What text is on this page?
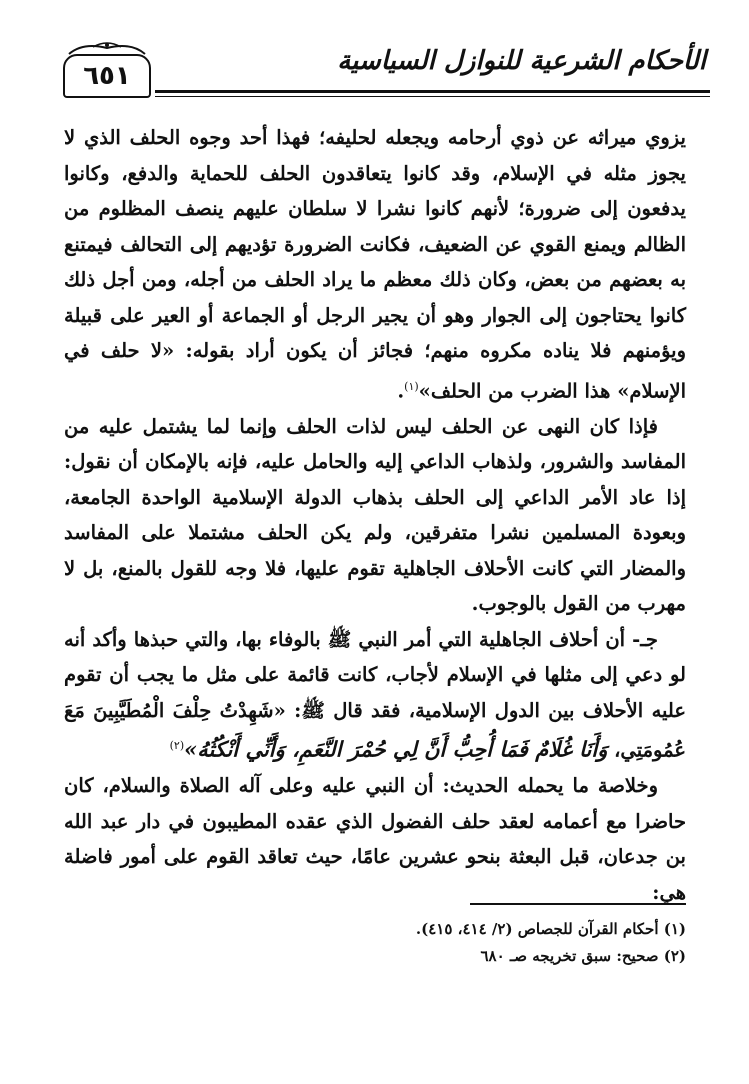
٦٥١	الأحكام الشرعية للنوازل السياسية

يزوي ميراثه عن ذوي أرحامه ويجعله لحليفه؛ فهذا أحد وجوه الحلف الذي لا يجوز مثله في الإسلام، وقد كانوا يتعاقدون الحلف للحماية والدفع، وكانوا يدفعون إلى ضرورة؛ لأنهم كانوا نشرا لا سلطان عليهم ينصف المظلوم من الظالم ويمنع القوي عن الضعيف، فكانت الضرورة تؤديهم إلى التحالف فيمتنع به بعضهم من بعض، وكان ذلك معظم ما يراد الحلف من أجله، ومن أجل ذلك كانوا يحتاجون إلى الجوار وهو أن يجير الرجل أو الجماعة أو العير على قبيلة ويؤمنهم فلا يناده مكروه منهم؛ فجائز أن يكون أراد بقوله: «لا حلف في الإسلام» هذا الضرب من الحلف»$^{(١)}$.

فإذا كان النهى عن الحلف ليس لذات الحلف وإنما لما يشتمل عليه من المفاسد والشرور، ولذهاب الداعي إليه والحامل عليه، فإنه بالإمكان أن نقول: إذا عاد الأمر الداعي إلى الحلف بذهاب الدولة الإسلامية الواحدة الجامعة، وبعودة المسلمين نشرا متفرقين، ولم يكن الحلف مشتملا على المفاسد والمضار التي كانت الأحلاف الجاهلية تقوم عليها، فلا وجه للقول بالمنع، بل لا مهرب من القول بالوجوب.

جـ- أن أحلاف الجاهلية التي أمر النبي ﷺ بالوفاء بها، والتي حبذها وأكد أنه لو دعي إلى مثلها في الإسلام لأجاب، كانت قائمة على مثل ما يجب أن تقوم عليه الأحلاف بين الدول الإسلامية، فقد قال ﷺ: «شَهِدْتُ حِلْفَ الْمُطَيَّبِينَ مَعَ عُمُومَتِي، وَأَنَا غُلَامٌ فَمَا أُحِبُّ أَنَّ لِي حُمْرَ النَّعَمِ، وَأَنِّي أَنْكُثُهُ»$^{(٢)}$

وخلاصة ما يحمله الحديث: أن النبي عليه وعلى آله الصلاة والسلام، كان حاضرا مع أعمامه لعقد حلف الفضول الذي عقده المطيبون في دار عبد الله بن جدعان، قبل البعثة بنحو عشرين عامًا، حيث تعاقد القوم على أمور فاضلة هي:

(١) أحكام القرآن للجصاص (٢/ ٤١٤، ٤١٥).
(٢) صحيح: سبق تخريجه صـ ٦٨٠
